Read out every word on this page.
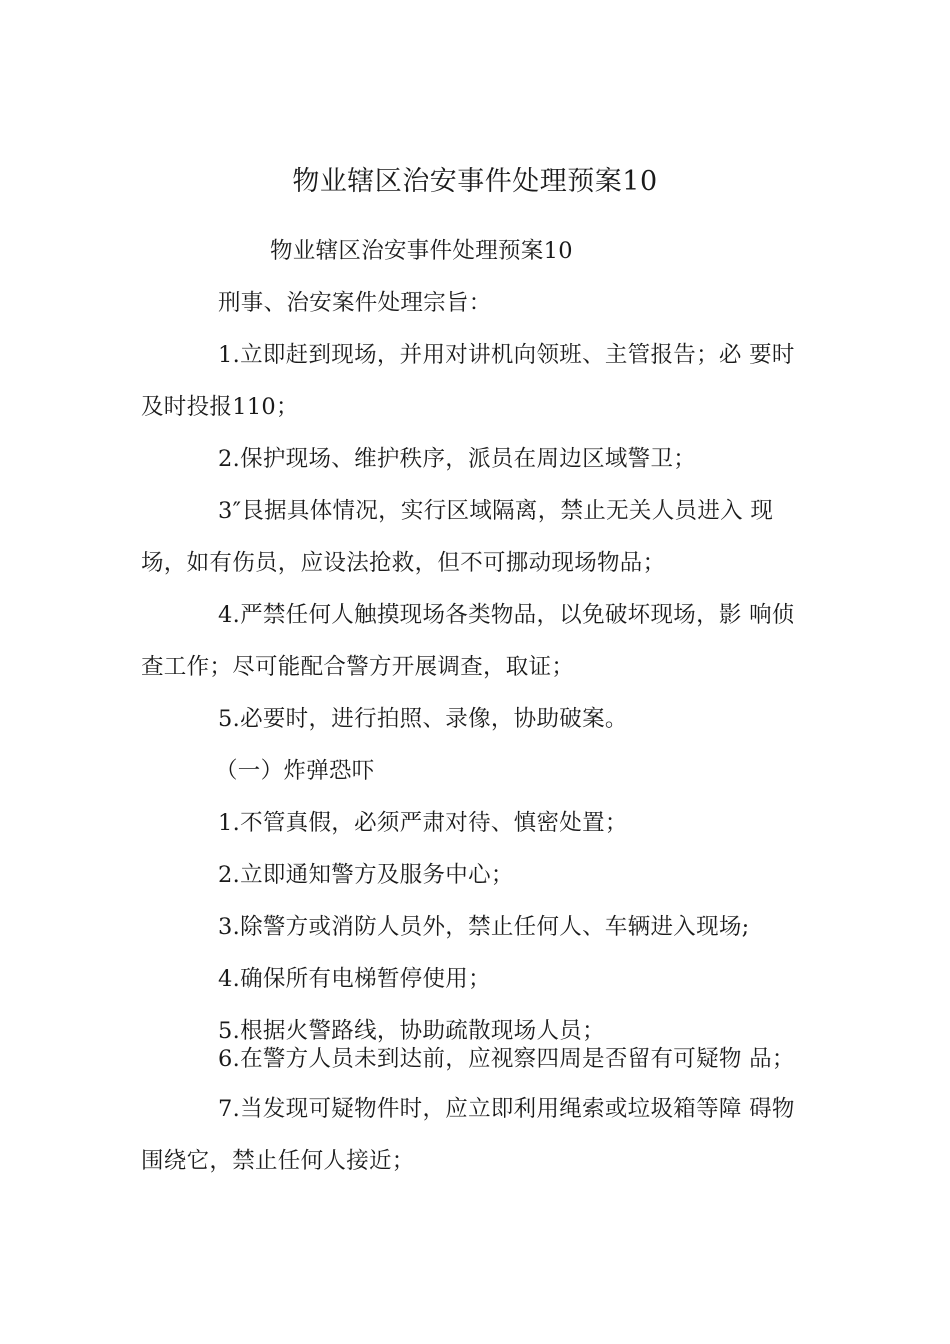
物业辖区治安事件处理预案10
物业辖区治安事件处理预案10
刑事、治安案件处理宗旨：
1.立即赶到现场，并用对讲机向领班、主管报告；必 要时
及时投报110；
2.保护现场、维护秩序，派员在周边区域警卫；
3″艮据具体情况，实行区域隔离，禁止无关人员进入 现
场，如有伤员，应设法抢救，但不可挪动现场物品；
4.严禁任何人触摸现场各类物品，以免破坏现场，影 响侦
查工作；尽可能配合警方开展调查，取证；
5.必要时，进行拍照、录像，协助破案。
（一）炸弹恐吓
1.不管真假，必须严肃对待、慎密处置；
2.立即通知警方及服务中心；
3.除警方或消防人员外，禁止任何人、车辆进入现场;
4.确保所有电梯暂停使用；
5.根据火警路线，协助疏散现场人员；
6.在警方人员未到达前，应视察四周是否留有可疑物 品；
7.当发现可疑物件时，应立即利用绳索或垃圾箱等障 碍物
围绕它，禁止任何人接近；
